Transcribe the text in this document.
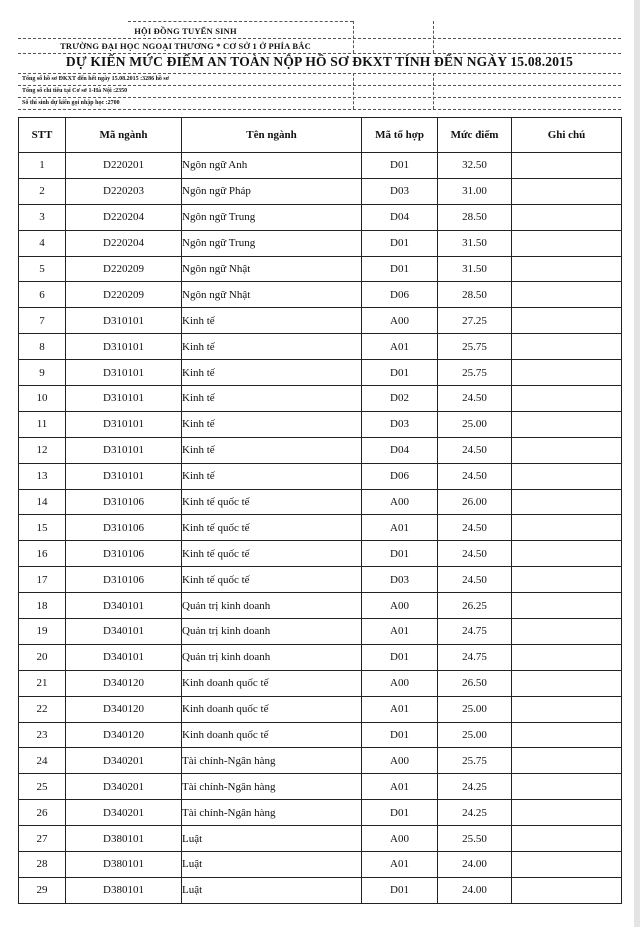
HỘI ĐỒNG TUYỂN SINH
TRƯỜNG ĐẠI HỌC NGOẠI THƯƠNG * CƠ SỞ 1 Ở PHÍA BẮC
DỰ KIẾN MỨC ĐIỂM AN TOÀN NỘP HỒ SƠ ĐKXT TÍNH ĐẾN NGÀY 15.08.2015
Tổng số hồ sơ ĐKXT đến hết ngày 15.08.2015 :3286 hồ sơ
Tổng số chỉ tiêu tại Cơ sở 1-Hà Nội :2350
Số thí sinh dự kiến gọi nhập học :2700
STT	Mã ngành	Tên ngành	Mã tổ hợp	Mức điểm	Ghi chú
1	D220201	Ngôn ngữ Anh	D01	32.50	
2	D220203	Ngôn ngữ Pháp	D03	31.00	
3	D220204	Ngôn ngữ Trung	D04	28.50	
4	D220204	Ngôn ngữ Trung	D01	31.50	
5	D220209	Ngôn ngữ Nhật	D01	31.50	
6	D220209	Ngôn ngữ Nhật	D06	28.50	
7	D310101	Kinh tế	A00	27.25	
8	D310101	Kinh tế	A01	25.75	
9	D310101	Kinh tế	D01	25.75	
10	D310101	Kinh tế	D02	24.50	
11	D310101	Kinh tế	D03	25.00	
12	D310101	Kinh tế	D04	24.50	
13	D310101	Kinh tế	D06	24.50	
14	D310106	Kinh tế quốc tế	A00	26.00	
15	D310106	Kinh tế quốc tế	A01	24.50	
16	D310106	Kinh tế quốc tế	D01	24.50	
17	D310106	Kinh tế quốc tế	D03	24.50	
18	D340101	Quản trị kinh doanh	A00	26.25	
19	D340101	Quản trị kinh doanh	A01	24.75	
20	D340101	Quản trị kinh doanh	D01	24.75	
21	D340120	Kinh doanh quốc tế	A00	26.50	
22	D340120	Kinh doanh quốc tế	A01	25.00	
23	D340120	Kinh doanh quốc tế	D01	25.00	
24	D340201	Tài chính-Ngân hàng	A00	25.75	
25	D340201	Tài chính-Ngân hàng	A01	24.25	
26	D340201	Tài chính-Ngân hàng	D01	24.25	
27	D380101	Luật	A00	25.50	
28	D380101	Luật	A01	24.00	
29	D380101	Luật	D01	24.00	
